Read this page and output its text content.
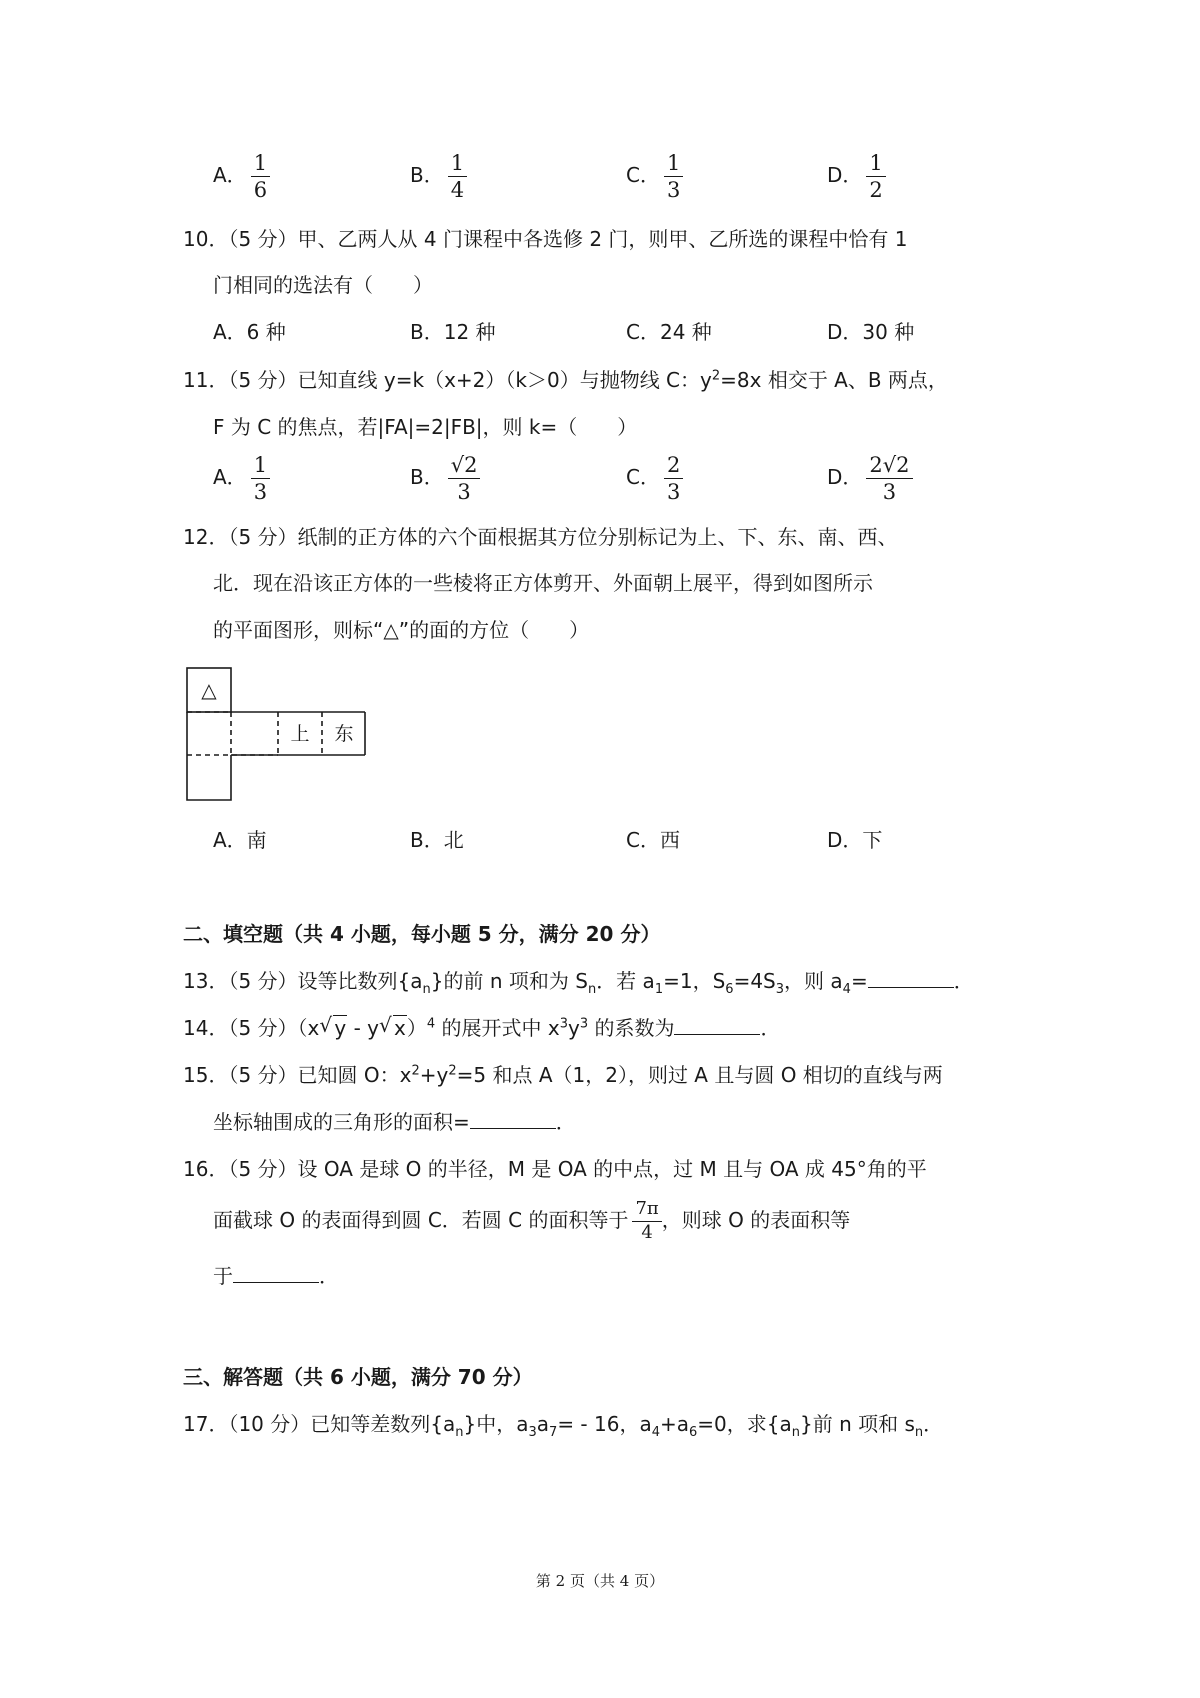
A． $\frac{1}{6}$	B． $\frac{1}{4}$	C． $\frac{1}{3}$	D． $\frac{1}{2}$
10．（5 分）甲、乙两人从 4 门课程中各选修 2 门，则甲、乙所选的课程中恰有 1
门相同的选法有（　　）
A．6 种	B．12 种	C．24 种	D．30 种
11．（5 分）已知直线 y=k（x+2）（k＞0）与抛物线 C：$y^2=8x$ 相交于 A、B 两点，
F 为 C 的焦点，若|FA|=2|FB|，则 k=（　　）
A． $\frac{1}{3}$	B． $\frac{√2}{3}$	C． $\frac{2}{3}$	D． $\frac{2√2}{3}$
12．（5 分）纸制的正方体的六个面根据其方位分别标记为上、下、东、南、西、
北．现在沿该正方体的一些棱将正方体剪开、外面朝上展平，得到如图所示
的平面图形，则标“△”的面的方位（　　）
△
上 东
A．南	B．北	C．西	D．下
二、填空题（共 4 小题，每小题 5 分，满分 20 分）
13．（5 分）设等比数列$\{a_n\}$的前 n 项和为 $S_n$．若 $a_1=1$，$S_6=4S_3$，则 $a_4=$	．
14．（5 分）（x √ y ‑ y √ x）$^4$ 的展开式中 $x^3y^3$ 的系数为	．
15．（5 分）已知圆 O：$x^2+y^2=5$ 和点 A（1，2），则过 A 且与圆 O 相切的直线与两
坐标轴围成的三角形的面积=	．
16．（5 分）设 OA 是球 O 的半径，M 是 OA 的中点，过 M 且与 OA 成 45°角的平
面截球 O 的表面得到圆 C．若圆 C 的面积等于 $\frac{7\pi}{4}$ ，则球 O 的表面积等
于	．
三、解答题（共 6 小题，满分 70 分）
17．（10 分）已知等差数列$\{a_n\}$中，$a_3a_7=$ ‑ 16，$a_4+a_6=0$，求$\{a_n\}$前 n 项和 $s_n$．
第 2 页（共 4 页）
